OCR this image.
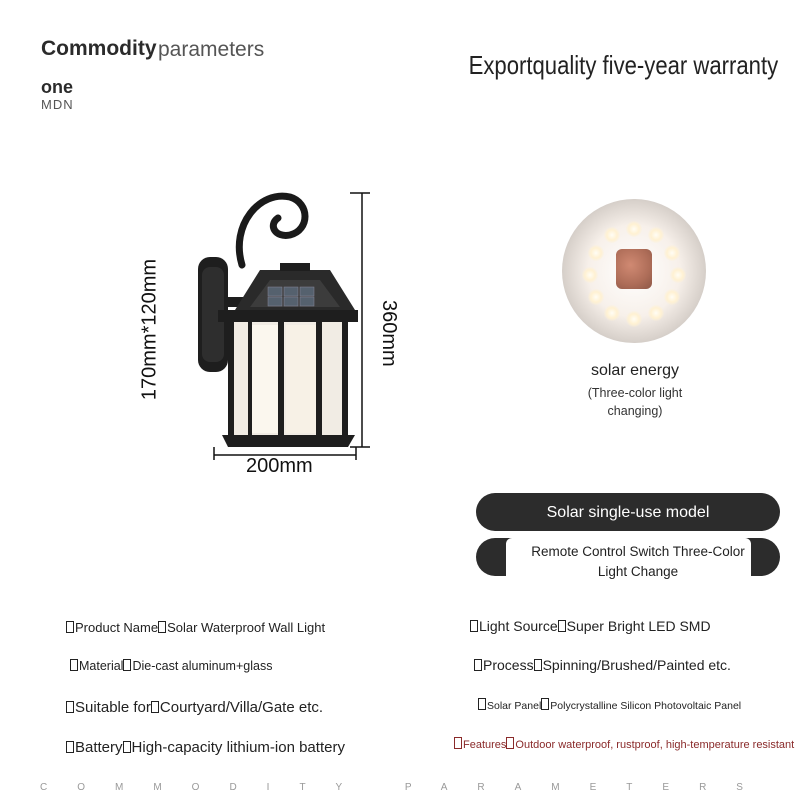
Commodity parameters
one
MDN
Exportquality five-year warranty
200mm
360mm
170mm*120mm	solar energy
(Three-color light
changing)
Solar single-use model
Remote Control Switch Three-Color
Light Change
Product Name Solar Waterproof Wall Light
Material Die-cast aluminum+glass
Suitable for Courtyard/Villa/Gate etc.
Battery High-capacity lithium-ion battery
Light Source Super Bright LED SMD
Process Spinning/Brushed/Painted etc.
Solar Panel Polycrystalline Silicon Photovoltaic Panel
Features Outdoor waterproof, rustproof, high-temperature resistant
COMMODITY PARAMETERS
